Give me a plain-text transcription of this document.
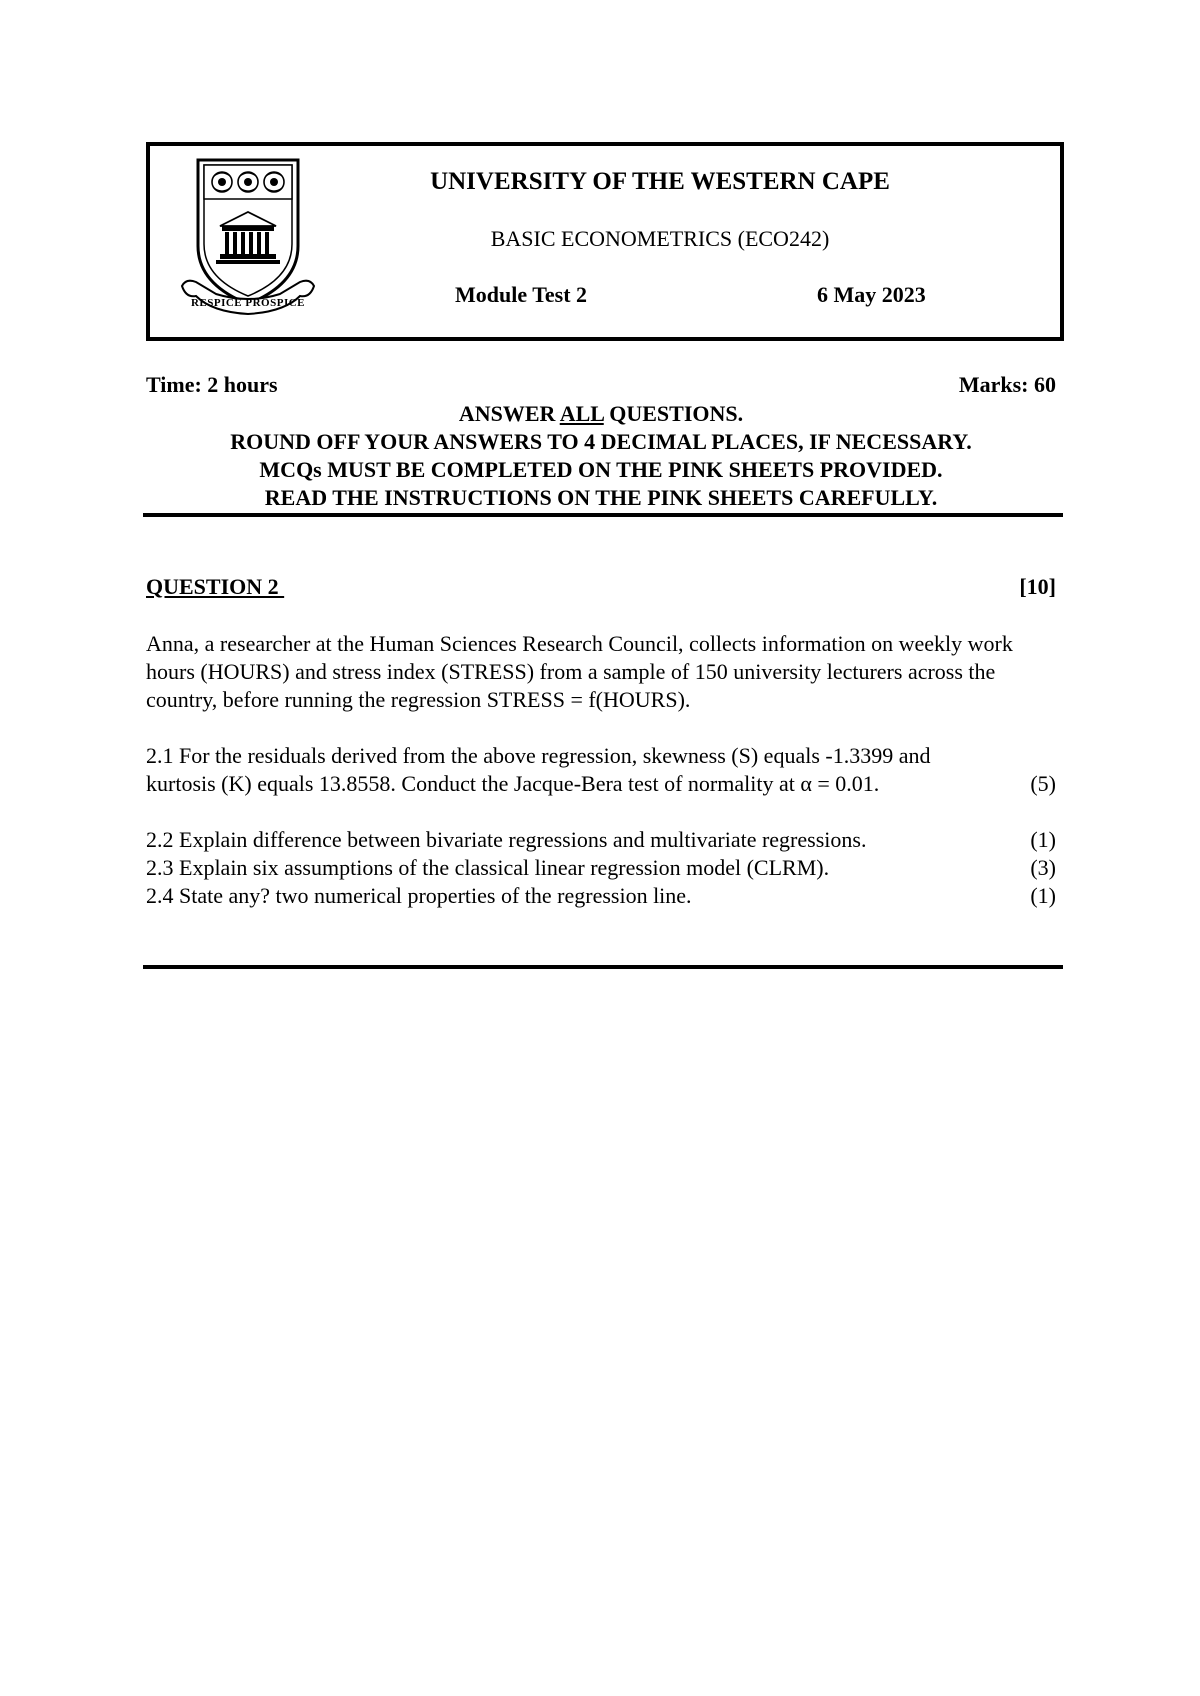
RESPICE PROSPICE
UNIVERSITY OF THE WESTERN CAPE
BASIC ECONOMETRICS (ECO242)
Module Test 2	6 May 2023
Time: 2 hours	Marks: 60
ANSWER ALL QUESTIONS.
ROUND OFF YOUR ANSWERS TO 4 DECIMAL PLACES, IF NECESSARY.
MCQs MUST BE COMPLETED ON THE PINK SHEETS PROVIDED.
READ THE INSTRUCTIONS ON THE PINK SHEETS CAREFULLY.
QUESTION 2	[10]
Anna, a researcher at the Human Sciences Research Council, collects information on weekly work hours (HOURS) and stress index (STRESS) from a sample of 150 university lecturers across the country, before running the regression STRESS = f(HOURS).
2.1 For the residuals derived from the above regression, skewness (S) equals -1.3399 and kurtosis (K) equals 13.8558. Conduct the Jacque-Bera test of normality at α = 0.01.	(5)
2.2 Explain difference between bivariate regressions and multivariate regressions.	(1)
2.3 Explain six assumptions of the classical linear regression model (CLRM).	(3)
2.4 State any? two numerical properties of the regression line.	(1)
